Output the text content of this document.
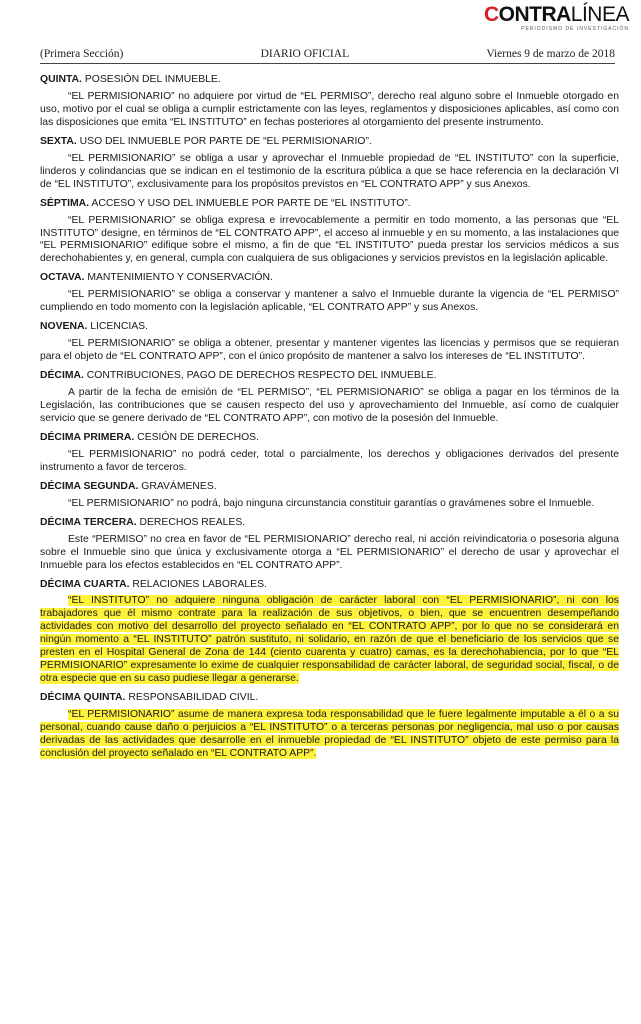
CONTRALÍNEA
PERIODISMO DE INVESTIGACIÓN
(Primera Sección)	DIARIO OFICIAL	Viernes 9 de marzo de 2018
QUINTA. POSESIÓN DEL INMUEBLE.

“EL PERMISIONARIO” no adquiere por virtud de “EL PERMISO”, derecho real alguno sobre el Inmueble otorgado en uso, motivo por el cual se obliga a cumplir estrictamente con las leyes, reglamentos y disposiciones aplicables, así como con las disposiciones que emita “EL INSTITUTO” en fechas posteriores al otorgamiento del presente instrumento.

SEXTA. USO DEL INMUEBLE POR PARTE DE “EL PERMISIONARIO”.

“EL PERMISIONARIO” se obliga a usar y aprovechar el Inmueble propiedad de “EL INSTITUTO” con la superficie, linderos y colindancias que se indican en el testimonio de la escritura pública a que se hace referencia en la declaración VI de “EL INSTITUTO”, exclusivamente para los propósitos previstos en “EL CONTRATO APP” y sus Anexos.

SÉPTIMA. ACCESO Y USO DEL INMUEBLE POR PARTE DE “EL INSTITUTO”.

“EL PERMISIONARIO” se obliga expresa e irrevocablemente a permitir en todo momento, a las personas que “EL INSTITUTO” designe, en términos de “EL CONTRATO APP”, el acceso al inmueble y en su momento, a las instalaciones que “EL PERMISIONARIO” edifique sobre el mismo, a fin de que “EL INSTITUTO” pueda prestar los servicios médicos a sus derechohabientes y, en general, cumpla con cualquiera de sus obligaciones y servicios previstos en la legislación aplicable.

OCTAVA. MANTENIMIENTO Y CONSERVACIÓN.

“EL PERMISIONARIO” se obliga a conservar y mantener a salvo el Inmueble durante la vigencia de “EL PERMISO” cumpliendo en todo momento con la legislación aplicable, “EL CONTRATO APP” y sus Anexos.

NOVENA. LICENCIAS.

“EL PERMISIONARIO” se obliga a obtener, presentar y mantener vigentes las licencias y permisos que se requieran para el objeto de “EL CONTRATO APP”, con el único propósito de mantener a salvo los intereses de “EL INSTITUTO”.

DÉCIMA. CONTRIBUCIONES, PAGO DE DERECHOS RESPECTO DEL INMUEBLE.

A partir de la fecha de emisión de “EL PERMISO”, “EL PERMISIONARIO” se obliga a pagar en los términos de la Legislación, las contribuciones que se causen respecto del uso y aprovechamiento del Inmueble, así como de cualquier servicio que se genere derivado de “EL CONTRATO APP”, con motivo de la posesión del Inmueble.

DÉCIMA PRIMERA. CESIÓN DE DERECHOS.

“EL PERMISIONARIO” no podrá ceder, total o parcialmente, los derechos y obligaciones derivados del presente instrumento a favor de terceros.

DÉCIMA SEGUNDA. GRAVÁMENES.

“EL PERMISIONARIO” no podrá, bajo ninguna circunstancia constituir garantías o gravámenes sobre el Inmueble.

DÉCIMA TERCERA. DERECHOS REALES.

Este “PERMISO” no crea en favor de “EL PERMISIONARIO” derecho real, ni acción reivindicatoria o posesoria alguna sobre el Inmueble sino que única y exclusivamente otorga a “EL PERMISIONARIO” el derecho de usar y aprovechar el Inmueble para los efectos establecidos en “EL CONTRATO APP”.

DÉCIMA CUARTA. RELACIONES LABORALES.

“EL INSTITUTO” no adquiere ninguna obligación de carácter laboral con “EL PERMISIONARIO”, ni con los trabajadores que él mismo contrate para la realización de sus objetivos, o bien, que se encuentren desempeñando actividades con motivo del desarrollo del proyecto señalado en “EL CONTRATO APP”, por lo que no se considerará en ningún momento a “EL INSTITUTO” patrón sustituto, ni solidario, en razón de que el beneficiario de los servicios que se presten en el Hospital General de Zona de 144 (ciento cuarenta y cuatro) camas, es la derechohabiencia, por lo que “EL PERMISIONARIO” expresamente lo exime de cualquier responsabilidad de carácter laboral, de seguridad social, fiscal, o de otra especie que en su caso pudiese llegar a generarse.

DÉCIMA QUINTA. RESPONSABILIDAD CIVIL.

“EL PERMISIONARIO” asume de manera expresa toda responsabilidad que le fuere legalmente imputable a él o a su personal, cuando cause daño o perjuicios a “EL INSTITUTO” o a terceras personas por negligencia, mal uso o por causas derivadas de las actividades que desarrolle en el inmueble propiedad de “EL INSTITUTO” objeto de este permiso para la conclusión del proyecto señalado en “EL CONTRATO APP”.
